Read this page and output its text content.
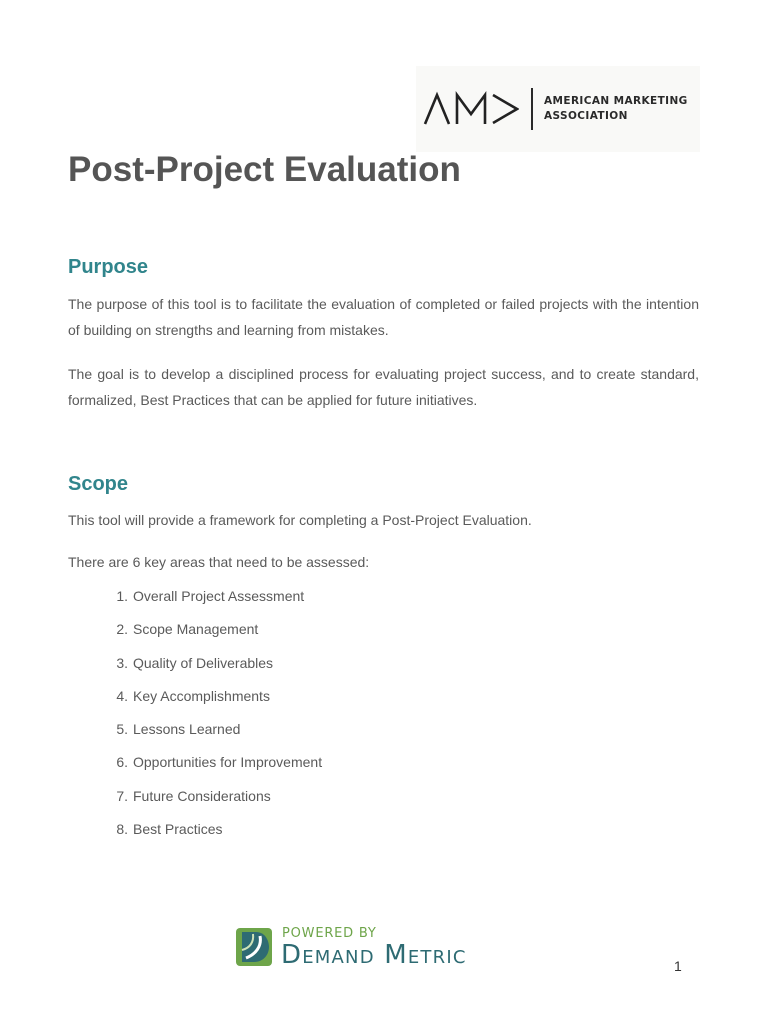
AMERICAN MARKETING
ASSOCIATION
Post-Project Evaluation
Purpose

The purpose of this tool is to facilitate the evaluation of completed or failed projects with the intention of building on strengths and learning from mistakes.

The goal is to develop a disciplined process for evaluating project success, and to create standard, formalized, Best Practices that can be applied for future initiatives.

Scope

This tool will provide a framework for completing a Post-Project Evaluation.

There are 6 key areas that need to be assessed:

1. Overall Project Assessment
2. Scope Management
3. Quality of Deliverables
4. Key Accomplishments
5. Lessons Learned
6. Opportunities for Improvement
7. Future Considerations
8. Best Practices
POWERED BY
Demand Metric	1
